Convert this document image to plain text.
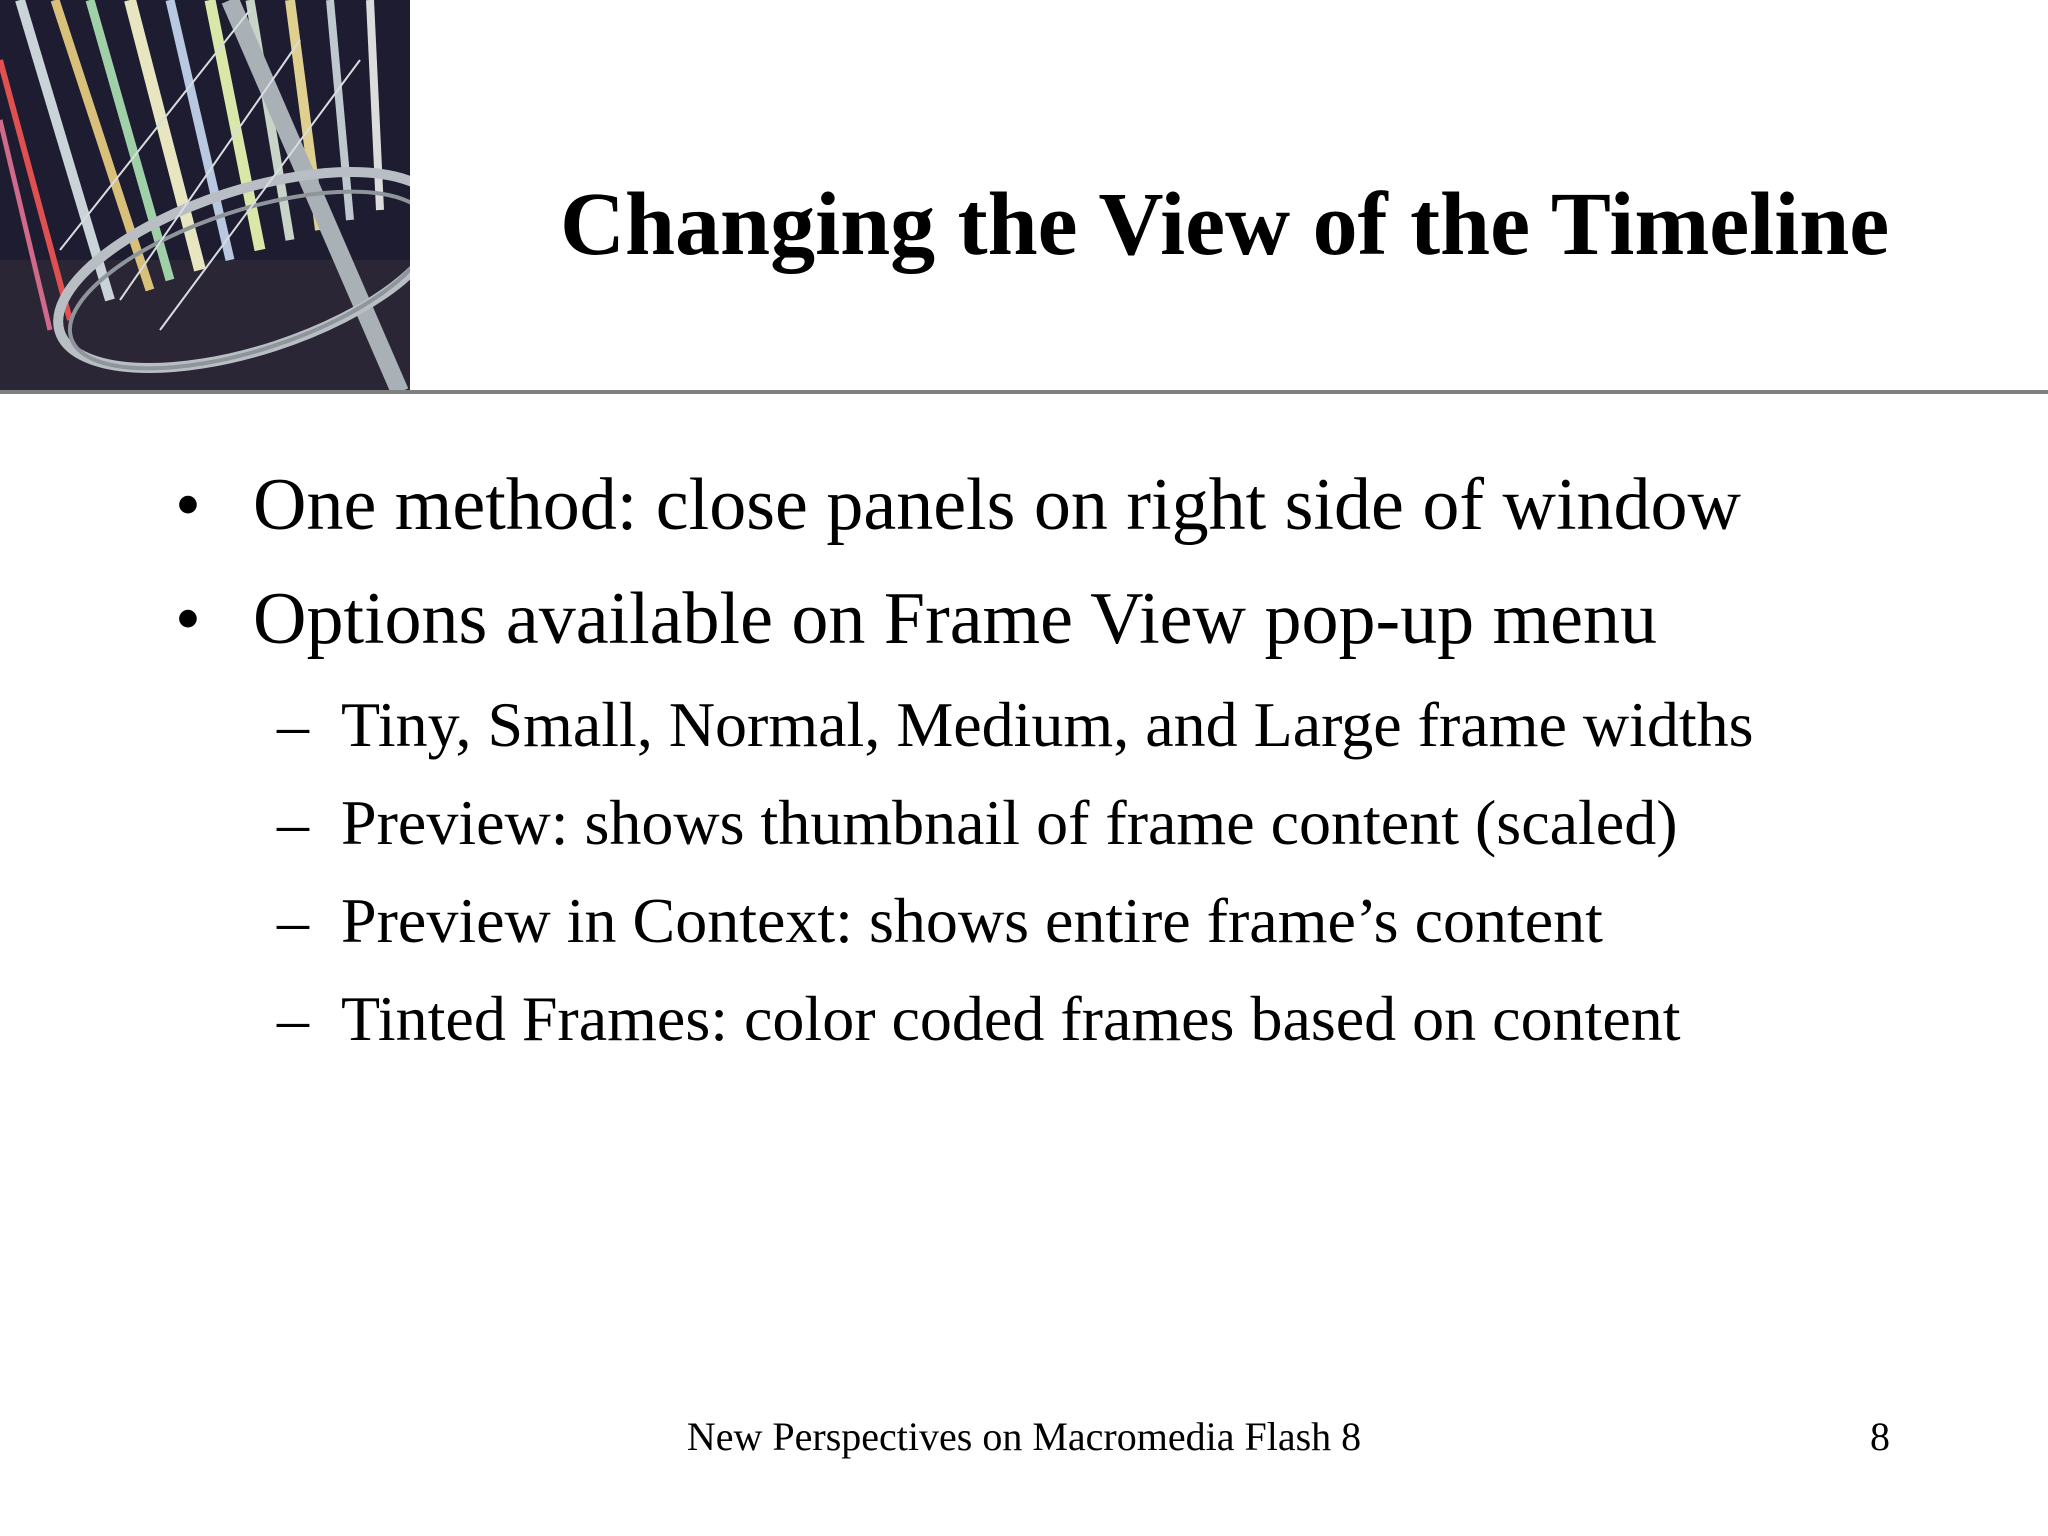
Changing the View of the Timeline
• One method: close panels on right side of window
• Options available on Frame View pop-up menu
– Tiny, Small, Normal, Medium, and Large frame widths
– Preview: shows thumbnail of frame content (scaled)
– Preview in Context: shows entire frame’s content
– Tinted Frames: color coded frames based on content
New Perspectives on Macromedia Flash 8	8
